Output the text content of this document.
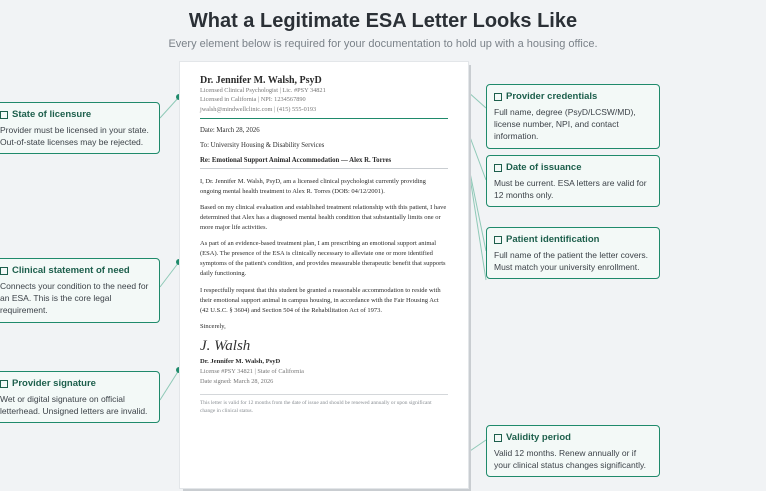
What a Legitimate ESA Letter Looks Like
Every element below is required for your documentation to hold up with a housing office.
Dr. Jennifer M. Walsh, PsyD
Licensed Clinical Psychologist | Lic. #PSY 34821
Licensed in California | NPI: 1234567890
jwalsh@mindwellclinic.com | (415) 555-0193
Date: March 28, 2026
To: University Housing & Disability Services
Re: Emotional Support Animal Accommodation — Alex R. Torres

I, Dr. Jennifer M. Walsh, PsyD, am a licensed clinical psychologist currently providing ongoing mental health treatment to Alex R. Torres (DOB: 04/12/2001).

Based on my clinical evaluation and established treatment relationship with this patient, I have determined that Alex has a diagnosed mental health condition that substantially limits one or more major life activities.

As part of an evidence-based treatment plan, I am prescribing an emotional support animal (ESA). The presence of the ESA is clinically necessary to alleviate one or more identified symptoms of the patient's condition, and provides measurable therapeutic benefit that supports daily functioning.

I respectfully request that this student be granted a reasonable accommodation to reside with their emotional support animal in campus housing, in accordance with the Fair Housing Act (42 U.S.C. § 3604) and Section 504 of the Rehabilitation Act of 1973.

Sincerely,
J. Walsh
Dr. Jennifer M. Walsh, PsyD
License #PSY 34821 | State of California
Date signed: March 28, 2026
This letter is valid for 12 months from the date of issue and should be renewed annually or upon significant change in clinical status.
State of licensure
Provider must be licensed in your state. Out-of-state licenses may be rejected.
Clinical statement of need
Connects your condition to the need for an ESA. This is the core legal requirement.
Provider signature
Wet or digital signature on official letterhead. Unsigned letters are invalid.
Provider credentials
Full name, degree (PsyD/LCSW/MD), license number, NPI, and contact information.
Date of issuance
Must be current. ESA letters are valid for 12 months only.
Patient identification
Full name of the patient the letter covers. Must match your university enrollment.
Validity period
Valid 12 months. Renew annually or if your clinical status changes significantly.
